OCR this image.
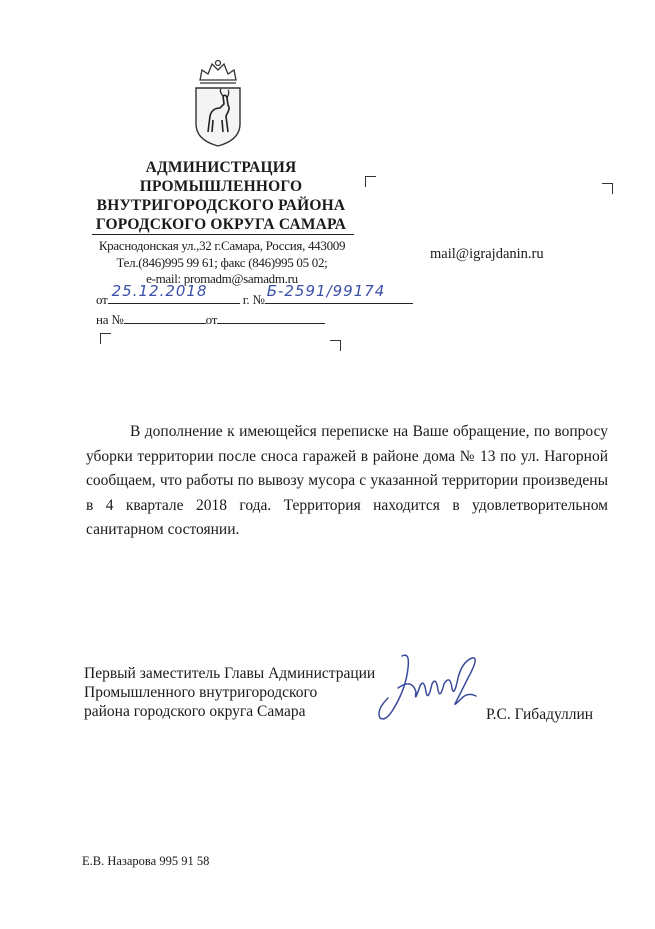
АДМИНИСТРАЦИЯ
ПРОМЫШЛЕННОГО
ВНУТРИГОРОДСКОГО РАЙОНА
ГОРОДСКОГО ОКРУГА САМАРА
Краснодонская ул.,32 г.Самара, Россия, 443009
Тел.(846)995 99 61; факс (846)995 05 02;
e-mail: promadm@samadm.ru
от 25.12.2018	г. № Б-2591/99174
на №	от
mail@igrajdanin.ru

В дополнение к имеющейся переписке на Ваше обращение, по вопросу уборки территории после сноса гаражей в районе дома № 13 по ул. Нагорной сообщаем, что работы по вывозу мусора с указанной территории произведены в 4 квартале 2018 года. Территория находится в удовлетворительном санитарном состоянии.

Первый заместитель Главы Администрации
Промышленного внутригородского
района городского округа Самара	Р.С. Гибадуллин
Е.В. Назарова 995 91 58
